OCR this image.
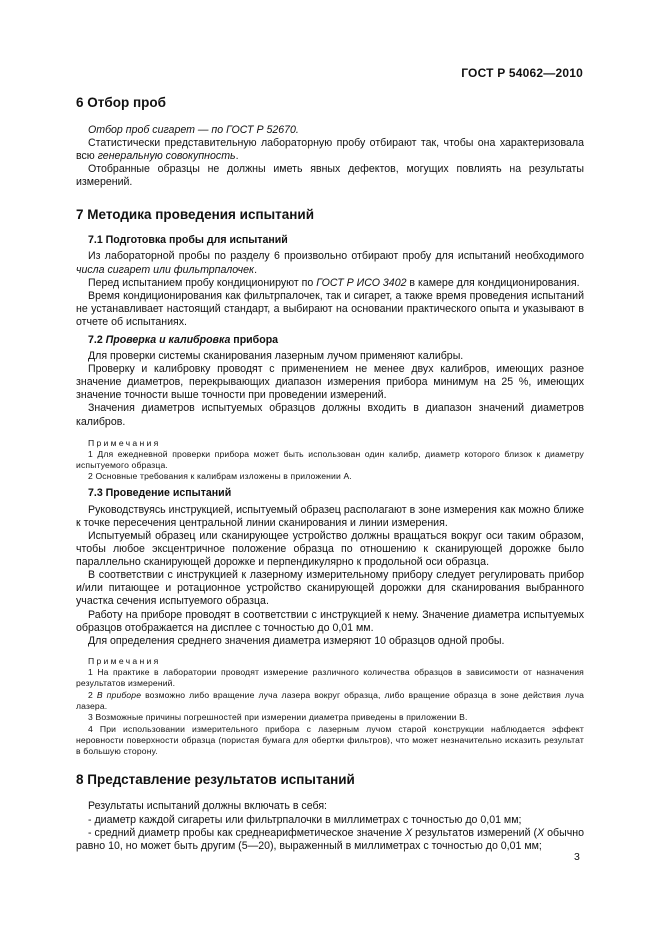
ГОСТ Р 54062—2010

6 Отбор проб

Отбор проб сигарет — по ГОСТ Р 52670.

Статистически представительную лабораторную пробу отбирают так, чтобы она характеризовала всю генеральную совокупность.

Отобранные образцы не должны иметь явных дефектов, могущих повлиять на результаты измерений.

7 Методика проведения испытаний

7.1 Подготовка пробы для испытаний

Из лабораторной пробы по разделу 6 произвольно отбирают пробу для испытаний необходимого числа сигарет или фильтрпалочек.

Перед испытанием пробу кондиционируют по ГОСТ Р ИСО 3402 в камере для кондиционирования.

Время кондиционирования как фильтрпалочек, так и сигарет, а также время проведения испытаний не устанавливает настоящий стандарт, а выбирают на основании практического опыта и указывают в отчете об испытаниях.

7.2 Проверка и калибровка прибора

Для проверки системы сканирования лазерным лучом применяют калибры.

Проверку и калибровку проводят с применением не менее двух калибров, имеющих разное значение диаметров, перекрывающих диапазон измерения прибора минимум на 25 %, имеющих значение точности выше точности при проведении измерений.

Значения диаметров испытуемых образцов должны входить в диапазон значений диаметров калибров.

Примечания

1 Для ежедневной проверки прибора может быть использован один калибр, диаметр которого близок к диаметру испытуемого образца.

2 Основные требования к калибрам изложены в приложении А.

7.3 Проведение испытаний

Руководствуясь инструкцией, испытуемый образец располагают в зоне измерения как можно ближе к точке пересечения центральной линии сканирования и линии измерения.

Испытуемый образец или сканирующее устройство должны вращаться вокруг оси таким образом, чтобы любое эксцентричное положение образца по отношению к сканирующей дорожке было параллельно сканирующей дорожке и перпендикулярно к продольной оси образца.

В соответствии с инструкцией к лазерному измерительному прибору следует регулировать прибор и/или питающее и ротационное устройство сканирующей дорожки для сканирования выбранного участка сечения испытуемого образца.

Работу на приборе проводят в соответствии с инструкцией к нему. Значение диаметра испытуемых образцов отображается на дисплее с точностью до 0,01 мм.

Для определения среднего значения диаметра измеряют 10 образцов одной пробы.

Примечания

1 На практике в лаборатории проводят измерение различного количества образцов в зависимости от назначения результатов измерений.

2 В приборе возможно либо вращение луча лазера вокруг образца, либо вращение образца в зоне действия луча лазера.

3 Возможные причины погрешностей при измерении диаметра приведены в приложении В.

4 При использовании измерительного прибора с лазерным лучом старой конструкции наблюдается эффект неровности поверхности образца (пористая бумага для обертки фильтров), что может незначительно исказить результат в большую сторону.

8 Представление результатов испытаний

Результаты испытаний должны включать в себя:

- диаметр каждой сигареты или фильтрпалочки в миллиметрах с точностью до 0,01 мм;

- средний диаметр пробы как среднеарифметическое значение X результатов измерений (X обычно равно 10, но может быть другим (5—20), выраженный в миллиметрах с точностью до 0,01 мм;

3
